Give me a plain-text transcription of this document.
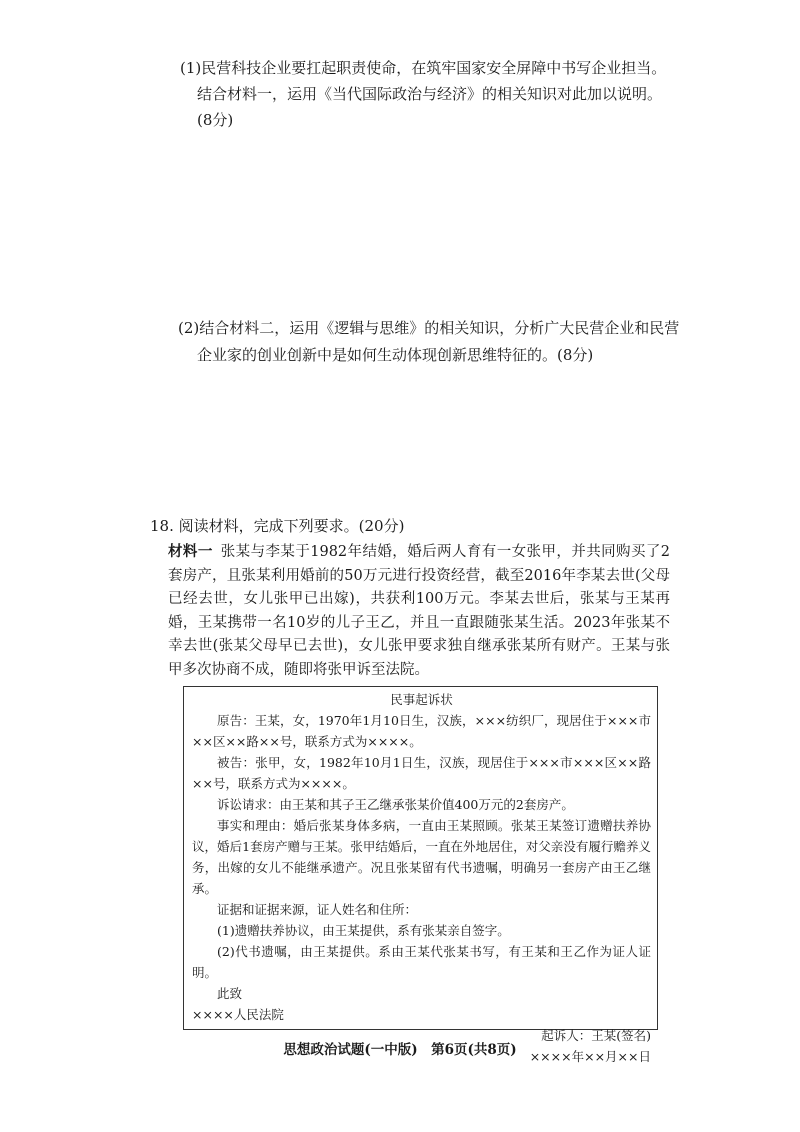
(1)民营科技企业要扛起职责使命，在筑牢国家安全屏障中书写企业担当。
结合材料一，运用《当代国际政治与经济》的相关知识对此加以说明。
(8分)
(2)结合材料二，运用《逻辑与思维》的相关知识，分析广大民营企业和民营
企业家的创业创新中是如何生动体现创新思维特征的。(8分)
18. 阅读材料，完成下列要求。(20分)
材料一 张某与李某于1982年结婚，婚后两人育有一女张甲，并共同购买了2套房产，且张某利用婚前的50万元进行投资经营，截至2016年李某去世(父母已经去世，女儿张甲已出嫁)，共获利100万元。李某去世后，张某与王某再婚，王某携带一名10岁的儿子王乙，并且一直跟随张某生活。2023年张某不幸去世(张某父母早已去世)，女儿张甲要求独自继承张某所有财产。王某与张甲多次协商不成，随即将张甲诉至法院。
民事起诉状

原告：王某，女，1970年1月10日生，汉族，×××纺织厂，现居住于×××市××区××路××号，联系方式为××××。

被告：张甲，女，1982年10月1日生，汉族，现居住于×××市×××区××路××号，联系方式为××××。

诉讼请求：由王某和其子王乙继承张某价值400万元的2套房产。

事实和理由：婚后张某身体多病，一直由王某照顾。张某王某签订遗赠扶养协议，婚后1套房产赠与王某。张甲结婚后，一直在外地居住，对父亲没有履行赡养义务，出嫁的女儿不能继承遗产。况且张某留有代书遗嘱，明确另一套房产由王乙继承。

证据和证据来源，证人姓名和住所：

(1)遗赠扶养协议，由王某提供，系有张某亲自签字。

(2)代书遗嘱，由王某提供。系由王某代张某书写，有王某和王乙作为证人证明。

此致

××××人民法院

起诉人：王某(签名)

××××年××月××日

思想政治试题(一中版)　第6页(共8页)
